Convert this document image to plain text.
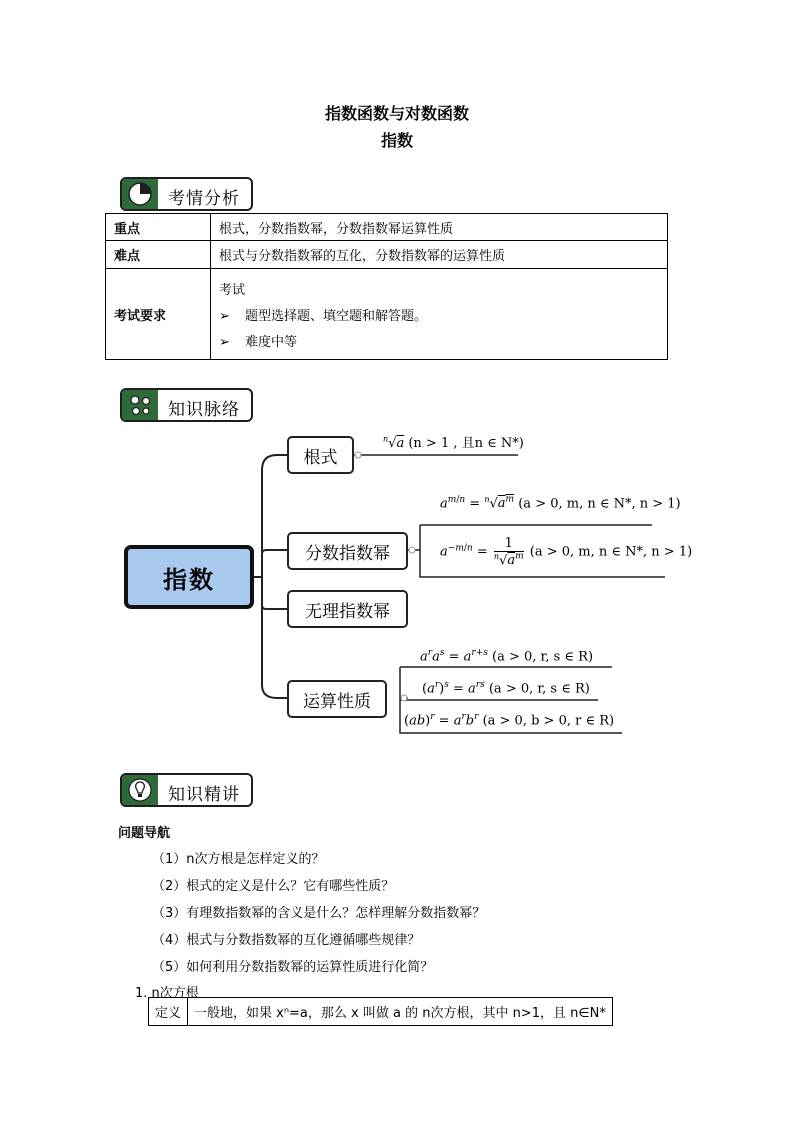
指数函数与对数函数
指数
考情分析
重点	根式，分数指数幂，分数指数幂运算性质
难点	根式与分数指数幂的互化，分数指数幂的运算性质
考试要求	考试
➢ 题型选择题、填空题和解答题。
➢ 难度中等
知识脉络
指数
根式
分数指数幂
无理指数幂
运算性质
$^n$√a (n > 1 , 且n ∈ N*)
$a^{m/n} = ^n√a^m$ (a > 0, m, n ∈ N*, n > 1)
$a^{-m/n} = \frac{1}{^n√a^m} (a > 0$, m, n ∈ N*, n > 1)
$a^ra^s = a^{r+s}$ (a > 0, r, s ∈ R)
$(a^r)^s = a^{rs}$ (a > 0, r, s ∈ R)
$(ab)^r = a^rb^r$ (a > 0, b > 0, r ∈ R)
知识精讲
问题导航
（1）n次方根是怎样定义的？
（2）根式的定义是什么？它有哪些性质？
（3）有理数指数幂的含义是什么？怎样理解分数指数幂？
（4）根式与分数指数幂的互化遵循哪些规律？
（5）如何利用分数指数幂的运算性质进行化简？
1. n次方根
定义	一般地，如果 xⁿ=a，那么 x 叫做 a 的 n次方根，其中 n>1，且 n∈N*
